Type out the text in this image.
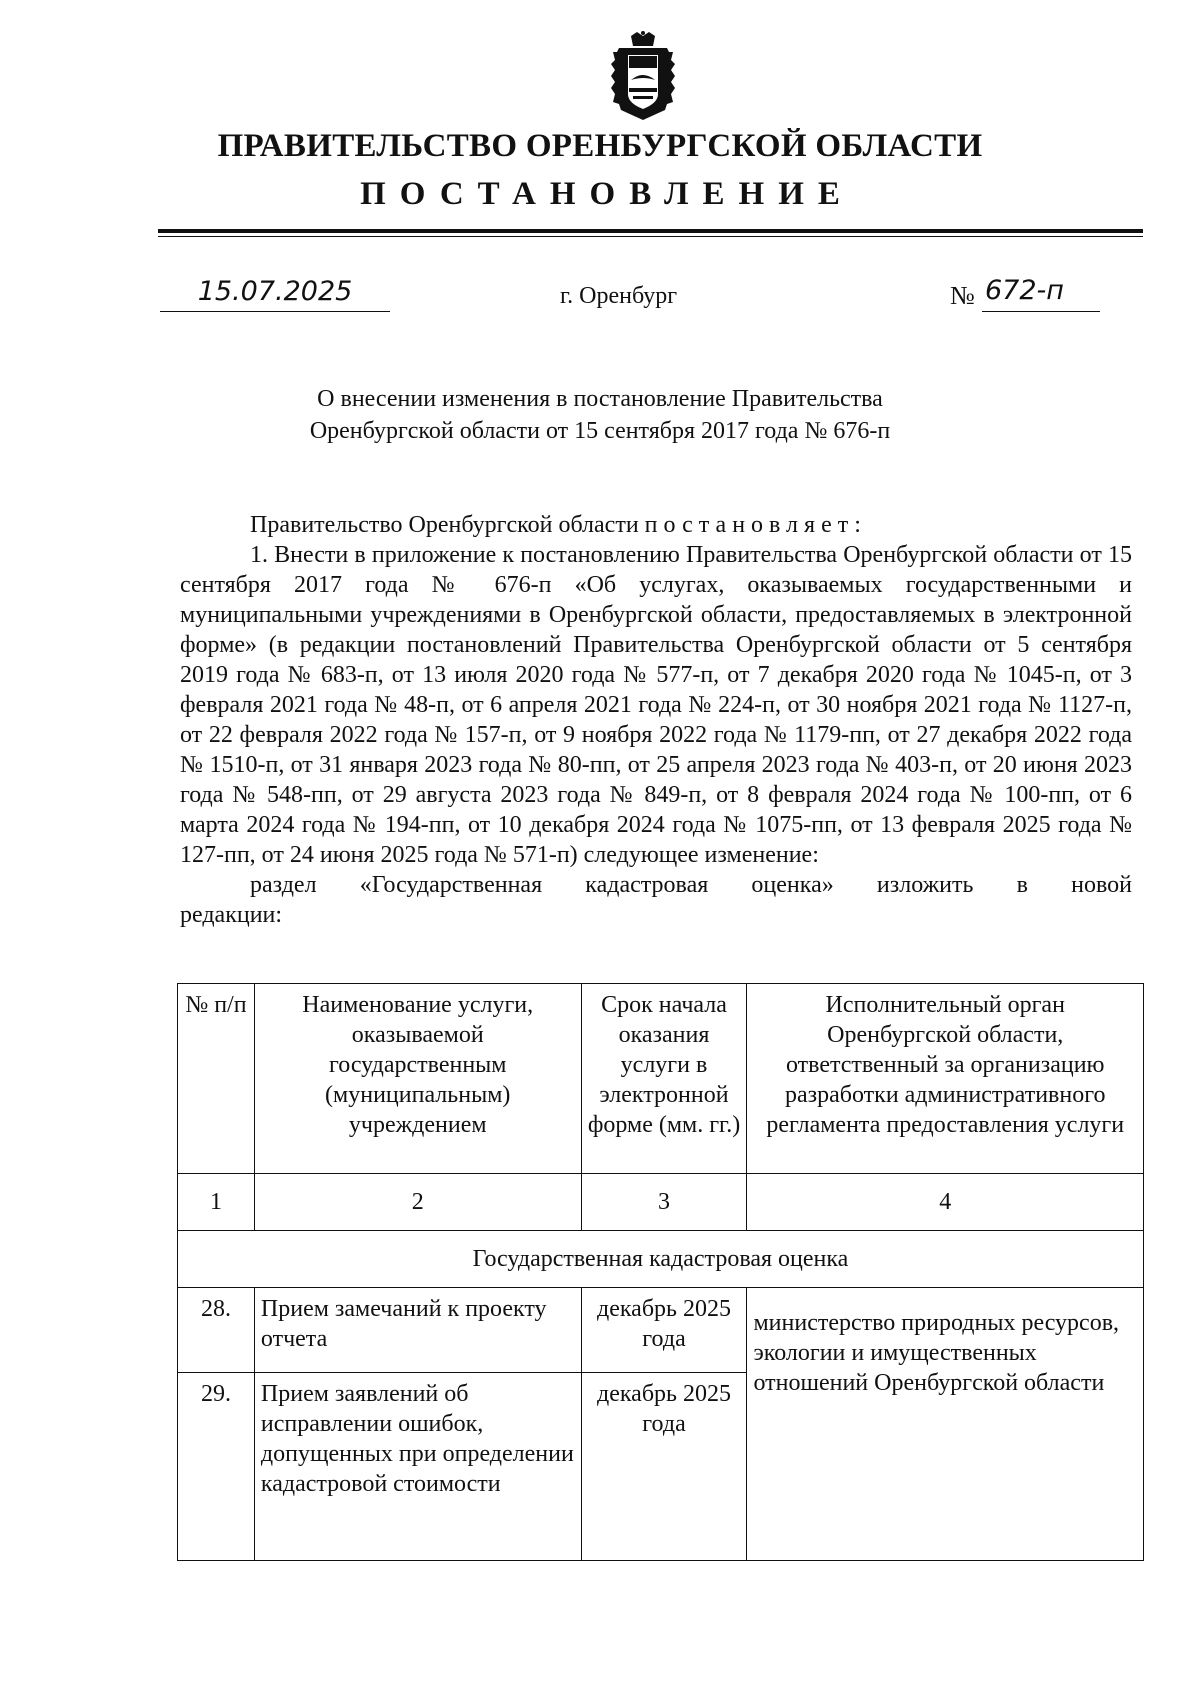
ПРАВИТЕЛЬСТВО ОРЕНБУРГСКОЙ ОБЛАСТИ
ПОСТАНОВЛЕНИЕ
15.07.2025	г. Оренбург	№ 672-п
О внесении изменения в постановление Правительства
Оренбургской области от 15 сентября 2017 года № 676-п

Правительство Оренбургской области постановляет:

1. Внести в приложение к постановлению Правительства Оренбургской области от 15 сентября 2017 года № 676-п «Об услугах, оказываемых государственными и муниципальными учреждениями в Оренбургской области, предоставляемых в электронной форме» (в редакции постановлений Правительства Оренбургской области от 5 сентября 2019 года № 683-п, от 13 июля 2020 года № 577-п, от 7 декабря 2020 года № 1045-п, от 3 февраля 2021 года № 48-п, от 6 апреля 2021 года № 224-п, от 30 ноября 2021 года № 1127-п, от 22 февраля 2022 года № 157-п, от 9 ноября 2022 года № 1179-пп, от 27 декабря 2022 года № 1510-п, от 31 января 2023 года № 80-пп, от 25 апреля 2023 года № 403-п, от 20 июня 2023 года № 548-пп, от 29 августа 2023 года № 849-п, от 8 февраля 2024 года № 100-пп, от 6 марта 2024 года № 194-пп, от 10 декабря 2024 года № 1075-пп, от 13 февраля 2025 года № 127-пп, от 24 июня 2025 года № 571-п) следующее изменение:

раздел «Государственная кадастровая оценка» изложить в новой

редакции:

№ п/п	Наименование услуги, оказываемой государственным (муниципальным) учреждением	Срок начала оказания услуги в электронной форме (мм. гг.)	Исполнительный орган Оренбургской области, ответственный за организацию разработки административного регламента предоставления услуги
1	2	3	4
Государственная кадастровая оценка			
28.	Прием замечаний к проекту отчета	декабрь 2025 года	министерство природных ресурсов, экологии и имущественных отношений Оренбургской области
29.	Прием заявлений об исправлении ошибок, допущенных при определении кадастровой стоимости	декабрь 2025 года	
